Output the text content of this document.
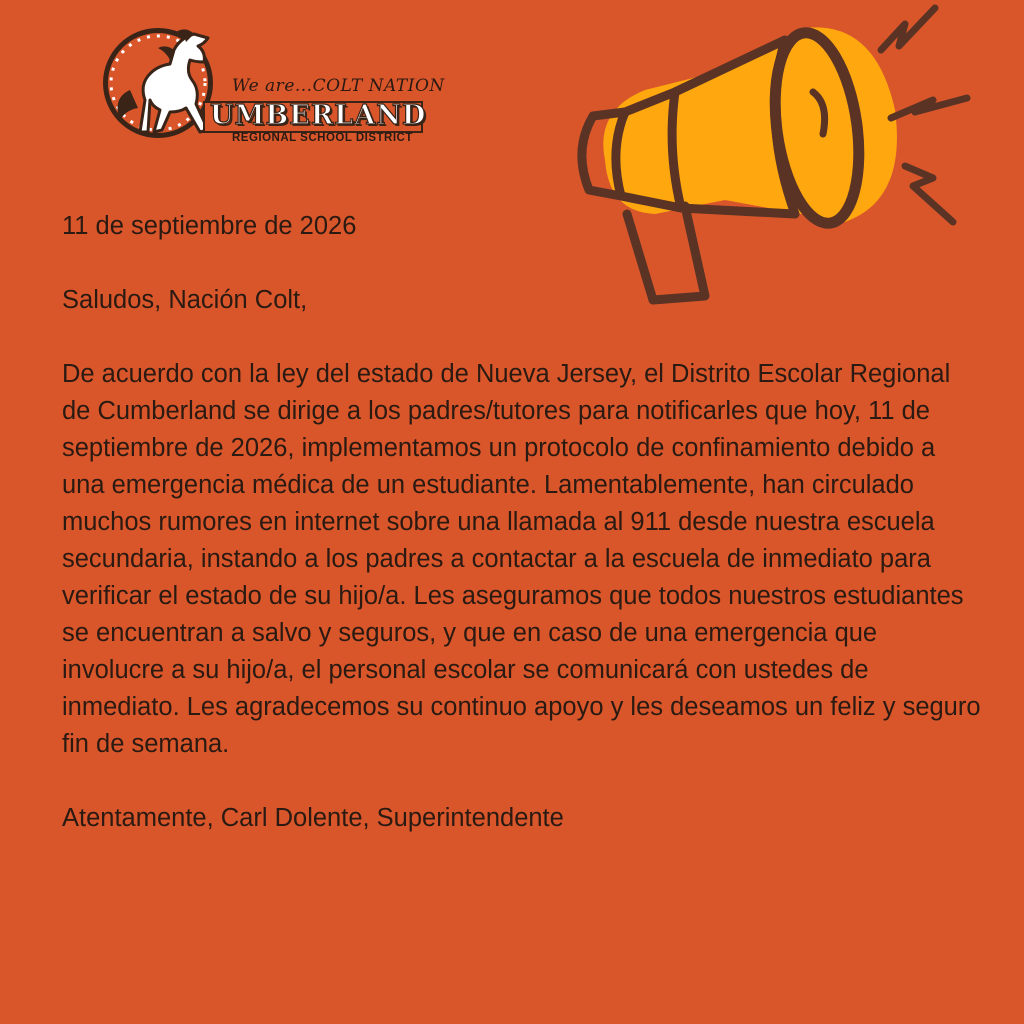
We are...COLT NATION
UMBERLAND
REGIONAL SCHOOL DISTRICT

11 de septiembre de 2026

Saludos, Nación Colt,

De acuerdo con la ley del estado de Nueva Jersey, el Distrito Escolar Regional de Cumberland se dirige a los padres/tutores para notificarles que hoy, 11 de septiembre de 2026, implementamos un protocolo de confinamiento debido a una emergencia médica de un estudiante. Lamentablemente, han circulado muchos rumores en internet sobre una llamada al 911 desde nuestra escuela secundaria, instando a los padres a contactar a la escuela de inmediato para verificar el estado de su hijo/a. Les aseguramos que todos nuestros estudiantes se encuentran a salvo y seguros, y que en caso de una emergencia que involucre a su hijo/a, el personal escolar se comunicará con ustedes de inmediato. Les agradecemos su continuo apoyo y les deseamos un feliz y seguro fin de semana.

Atentamente, Carl Dolente, Superintendente
